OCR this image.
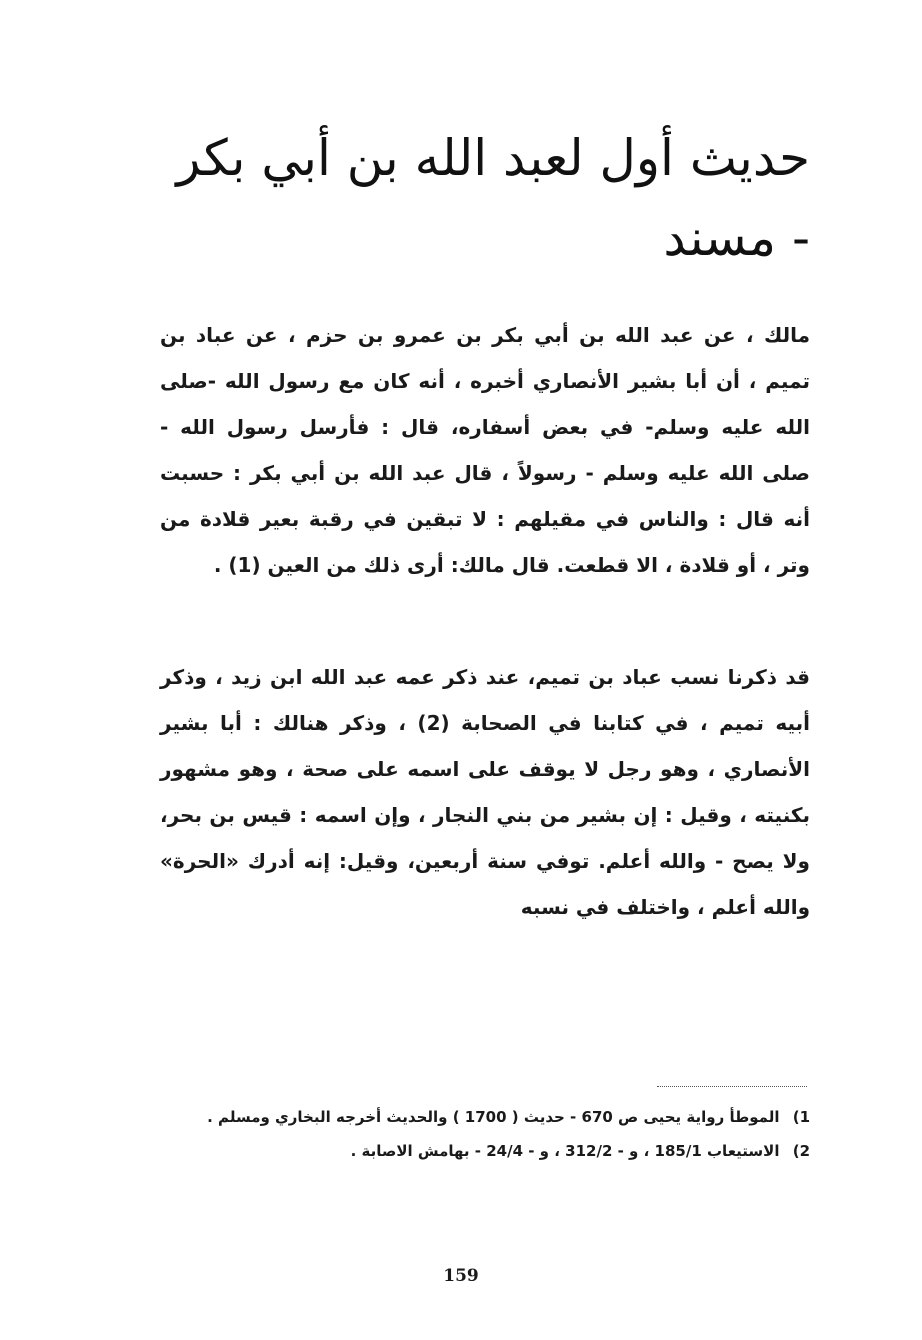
حديث أول لعبد الله بن أبي بكر - مسند

مالك ، عن عبد الله بن أبي بكر بن عمرو بن حزم ، عن عباد بن تميم ، أن أبا بشير الأنصاري أخبره ، أنه كان مع رسول الله -صلى الله عليه وسلم- في بعض أسفاره، قال : فأرسل رسول الله - صلى الله عليه وسلم - رسولاً ، قال عبد الله بن أبي بكر : حسبت أنه قال : والناس في مقيلهم : لا تبقين في رقبة بعير قلادة من وتر ، أو قلادة ، الا قطعت. قال مالك: أرى ذلك من العين (1) .

قد ذكرنا نسب عباد بن تميم، عند ذكر عمه عبد الله ابن زيد ، وذكر أبيه تميم ، في كتابنا في الصحابة (2) ، وذكر هنالك : أبا بشير الأنصاري ، وهو رجل لا يوقف على اسمه على صحة ، وهو مشهور بكنيته ، وقيل : إن بشير من بني النجار ، وإن اسمه : قيس بن بحر، ولا يصح - والله أعلم. توفي سنة أربعين، وقيل: إنه أدرك «الحرة» والله أعلم ، واختلف في نسبه

1) الموطأ رواية يحيى ص 670 - حديث ( 1700 ) والحديث أخرجه البخاري ومسلم .
2) الاستيعاب 185/1 ، و - 312/2 ، و - 24/4 - بهامش الاصابة .
159
